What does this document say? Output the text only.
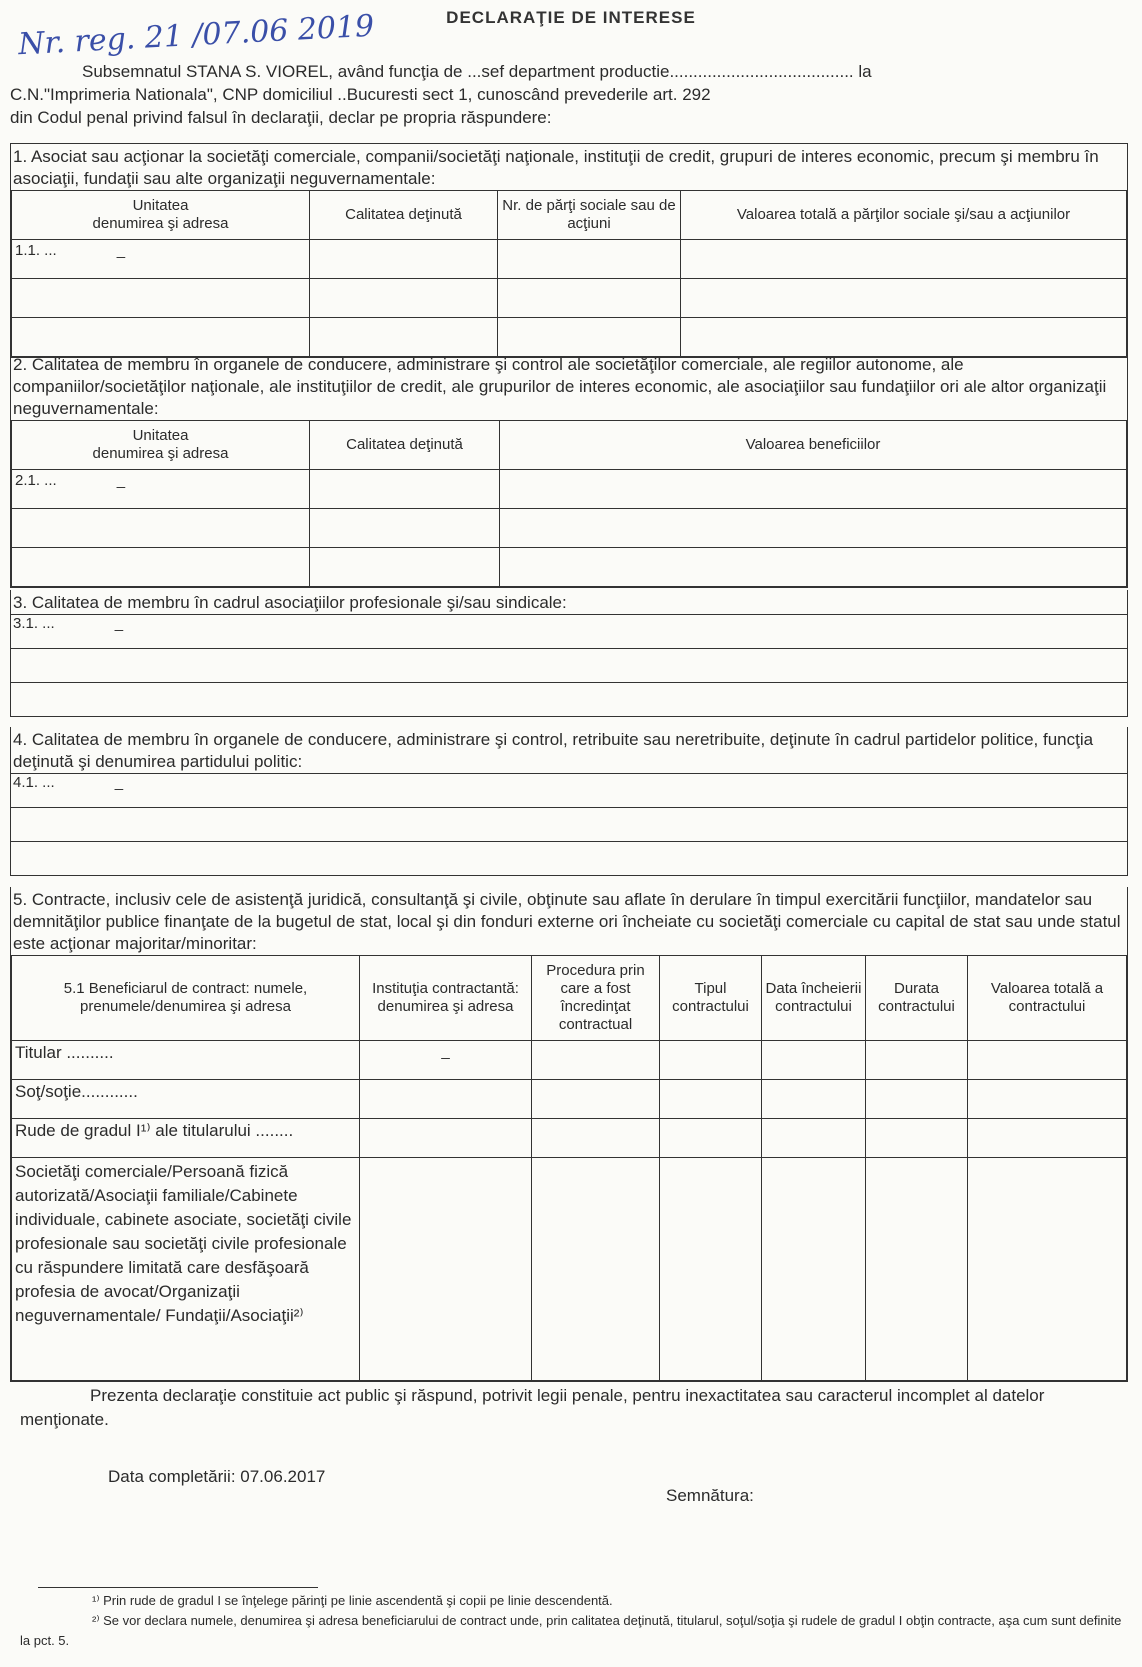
Nr. reg. 21 /07.06 2019	DECLARAŢIE DE INTERESE
Subsemnatul STANA S. VIOREL, având funcţia de ...sef department productie....................................... la
C.N."Imprimeria Nationala", CNP domiciliul ..Bucuresti sect 1, cunoscând prevederile art. 292
din Codul penal privind falsul în declaraţii, declar pe propria răspundere:
1. Asociat sau acţionar la societăţi comerciale, companii/societăţi naţionale, instituţii de credit, grupuri de interes economic, precum şi membru în asociaţii, fundaţii sau alte organizaţii neguvernamentale:
Unitatea
denumirea şi adresa	Calitatea deţinută	Nr. de părţi sociale sau de acţiuni	Valoarea totală a părţilor sociale şi/sau a acţiunilor
1.1. ... _			

2. Calitatea de membru în organele de conducere, administrare şi control ale societăţilor comerciale, ale regiilor autonome, ale companiilor/societăţilor naţionale, ale instituţiilor de credit, ale grupurilor de interes economic, ale asociaţiilor sau fundaţiilor ori ale altor organizaţii neguvernamentale:
Unitatea
denumirea şi adresa	Calitatea deţinută	Valoarea beneficiilor
2.1. ... _		

3. Calitatea de membru în cadrul asociaţiilor profesionale şi/sau sindicale:
3.1. ...	_
4. Calitatea de membru în organele de conducere, administrare şi control, retribuite sau neretribuite, deţinute în cadrul partidelor politice, funcţia deţinută şi denumirea partidului politic:
4.1. ...	_
5. Contracte, inclusiv cele de asistenţă juridică, consultanţă şi civile, obţinute sau aflate în derulare în timpul exercitării funcţiilor, mandatelor sau demnităţilor publice finanţate de la bugetul de stat, local şi din fonduri externe ori încheiate cu societăţi comerciale cu capital de stat sau unde statul este acţionar majoritar/minoritar:
5.1 Beneficiarul de contract: numele, prenumele/denumirea şi adresa	Instituţia contractantă: denumirea şi adresa	Procedura prin care a fost încredinţat contractual	Tipul contractului	Data încheierii contractului	Durata contractului	Valoarea totală a contractului
Titular ..........	_					
Soţ/soţie............						
Rude de gradul I¹⁾ ale titularului ........						
Societăţi comerciale/Persoană fizică autorizată/Asociaţii familiale/Cabinete individuale, cabinete asociate, societăţi civile profesionale sau societăţi civile profesionale cu răspundere limitată care desfăşoară profesia de avocat/Organizaţii neguvernamentale/ Fundaţii/Asociaţii²⁾						
Prezenta declaraţie constituie act public şi răspund, potrivit legii penale, pentru inexactitatea sau caracterul incomplet al datelor menţionate.
Data completării: 07.06.2017
Semnătura:
¹⁾ Prin rude de gradul I se înţelege părinţi pe linie ascendentă şi copii pe linie descendentă.
²⁾ Se vor declara numele, denumirea şi adresa beneficiarului de contract unde, prin calitatea deţinută, titularul, soţul/soţia şi rudele de gradul I obţin contracte, aşa cum sunt definite la pct. 5.
